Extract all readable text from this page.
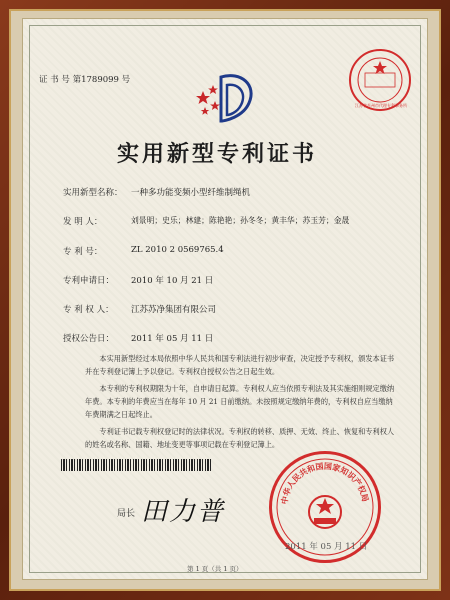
证 书 号 第1789099 号
江苏省苏州市代理专利事务所
实用新型专利证书
实用新型名称： 一种多功能变频小型纤维制绳机
发 明 人：	刘景明；史乐；林建；陈艳艳；孙冬冬；黄丰华；苏玉芳；金晟
专 利 号：	ZL 2010 2 0569765.4
专利申请日： 2010 年 10 月 21 日
专 利 权 人： 江苏苏净集团有限公司
授权公告日： 2011 年 05 月 11 日
本实用新型经过本局依照中华人民共和国专利法进行初步审查，决定授予专利权，颁发本证书并在专利登记簿上予以登记。专利权自授权公告之日起生效。
本专利的专利权期限为十年，自申请日起算。专利权人应当依照专利法及其实施细则规定缴纳年费。本专利的年费应当在每年 10 月 21 日前缴纳。未按照规定缴纳年费的，专利权自应当缴纳年费期满之日起终止。
专利证书记载专利权登记时的法律状况。专利权的转移、质押、无效、终止、恢复和专利权人的姓名或名称、国籍、地址变更等事项记载在专利登记簿上。
局长 田力普	中华人民共和国国家知识产权局
2011 年 05 月 11 日
第 1 页（共 1 页）
